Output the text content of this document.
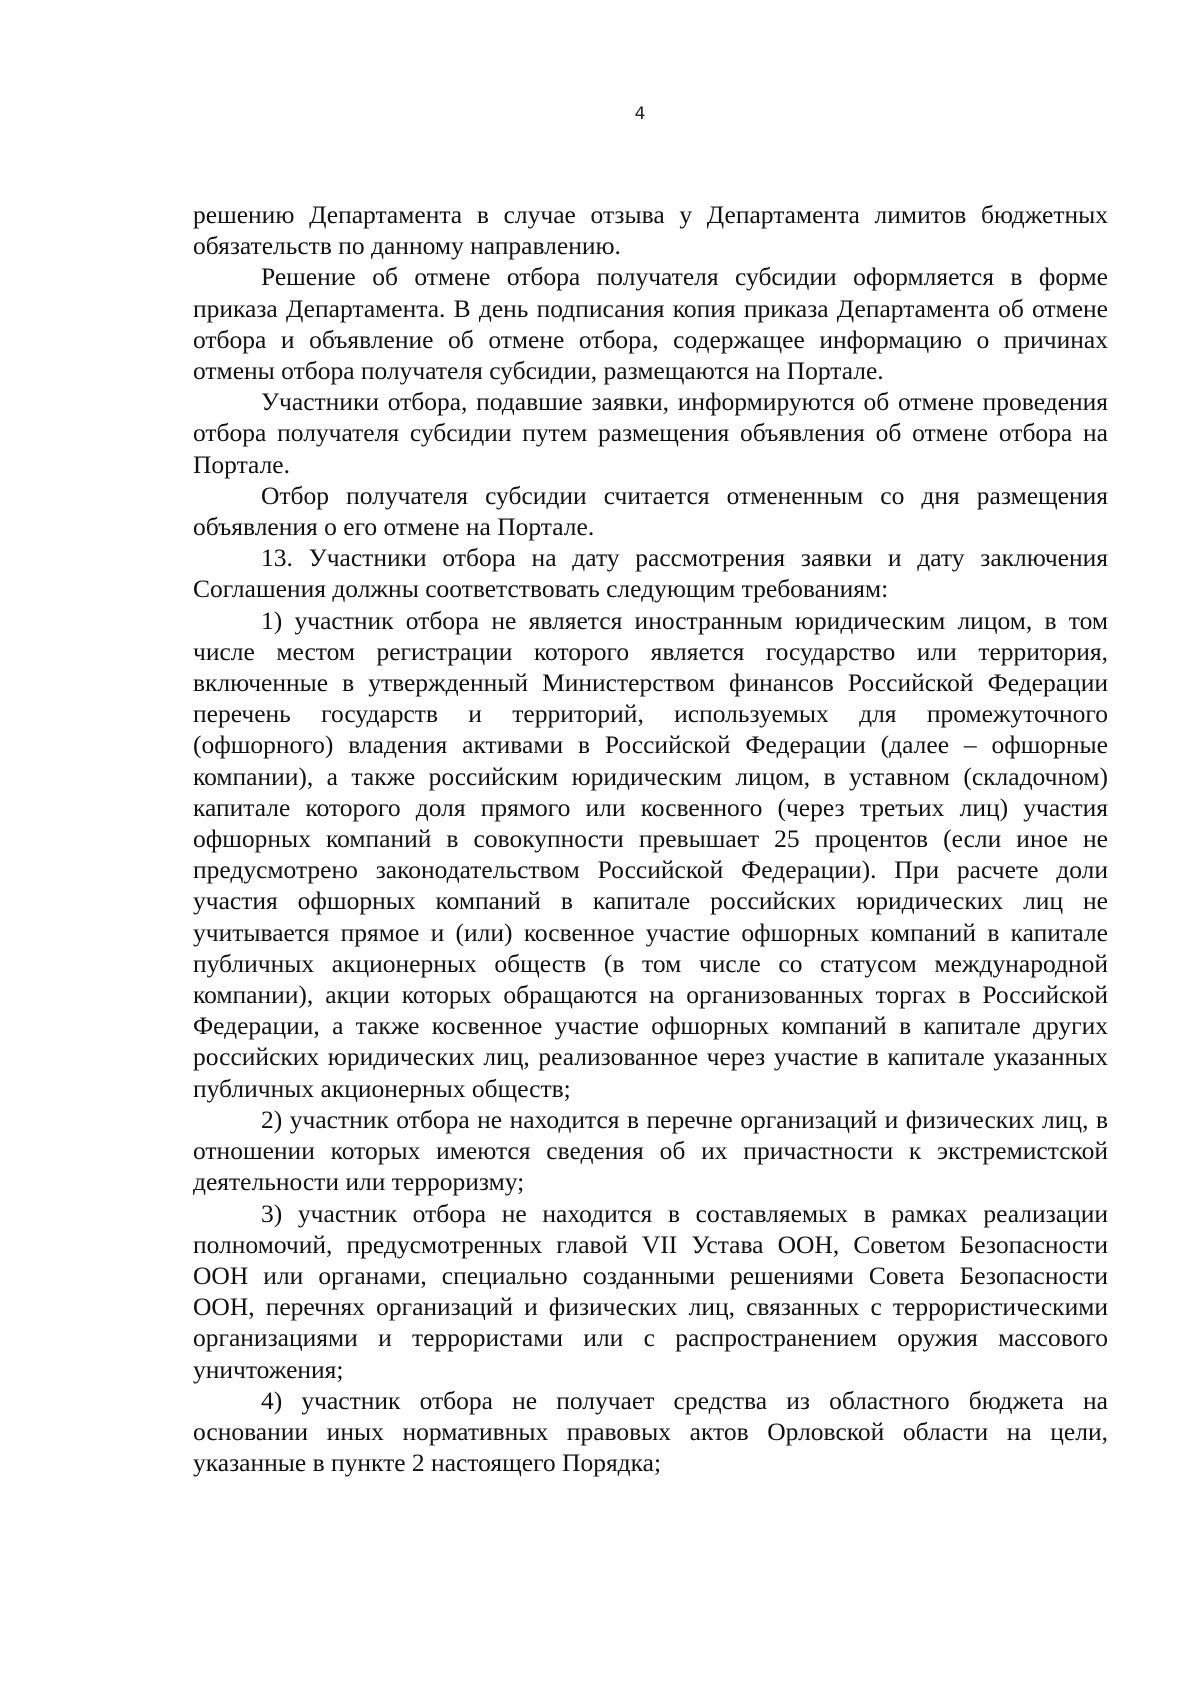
4

решению Департамента в случае отзыва у Департамента лимитов бюджетных обязательств по данному направлению.

Решение об отмене отбора получателя субсидии оформляется в форме приказа Департамента. В день подписания копия приказа Департамента об отмене отбора и объявление об отмене отбора, содержащее информацию о причинах отмены отбора получателя субсидии, размещаются на Портале.

Участники отбора, подавшие заявки, информируются об отмене проведения отбора получателя субсидии путем размещения объявления об отмене отбора на Портале.

Отбор получателя субсидии считается отмененным со дня размещения объявления о его отмене на Портале.

13. Участники отбора на дату рассмотрения заявки и дату заключения Соглашения должны соответствовать следующим требованиям:

1) участник отбора не является иностранным юридическим лицом, в том числе местом регистрации которого является государство или территория, включенные в утвержденный Министерством финансов Российской Федерации перечень государств и территорий, используемых для промежуточного (офшорного) владения активами в Российской Федерации (далее – офшорные компании), а также российским юридическим лицом, в уставном (складочном) капитале которого доля прямого или косвенного (через третьих лиц) участия офшорных компаний в совокупности превышает 25 процентов (если иное не предусмотрено законодательством Российской Федерации). При расчете доли участия офшорных компаний в капитале российских юридических лиц не учитывается прямое и (или) косвенное участие офшорных компаний в капитале публичных акционерных обществ (в том числе со статусом международной компании), акции которых обращаются на организованных торгах в Российской Федерации, а также косвенное участие офшорных компаний в капитале других российских юридических лиц, реализованное через участие в капитале указанных публичных акционерных обществ;

2) участник отбора не находится в перечне организаций и физических лиц, в отношении которых имеются сведения об их причастности к экстремистской деятельности или терроризму;

3) участник отбора не находится в составляемых в рамках реализации полномочий, предусмотренных главой VII Устава ООН, Советом Безопасности ООН или органами, специально созданными решениями Совета Безопасности ООН, перечнях организаций и физических лиц, связанных с террористическими организациями и террористами или с распространением оружия массового уничтожения;

4) участник отбора не получает средства из областного бюджета на основании иных нормативных правовых актов Орловской области на цели, указанные в пункте 2 настоящего Порядка;
